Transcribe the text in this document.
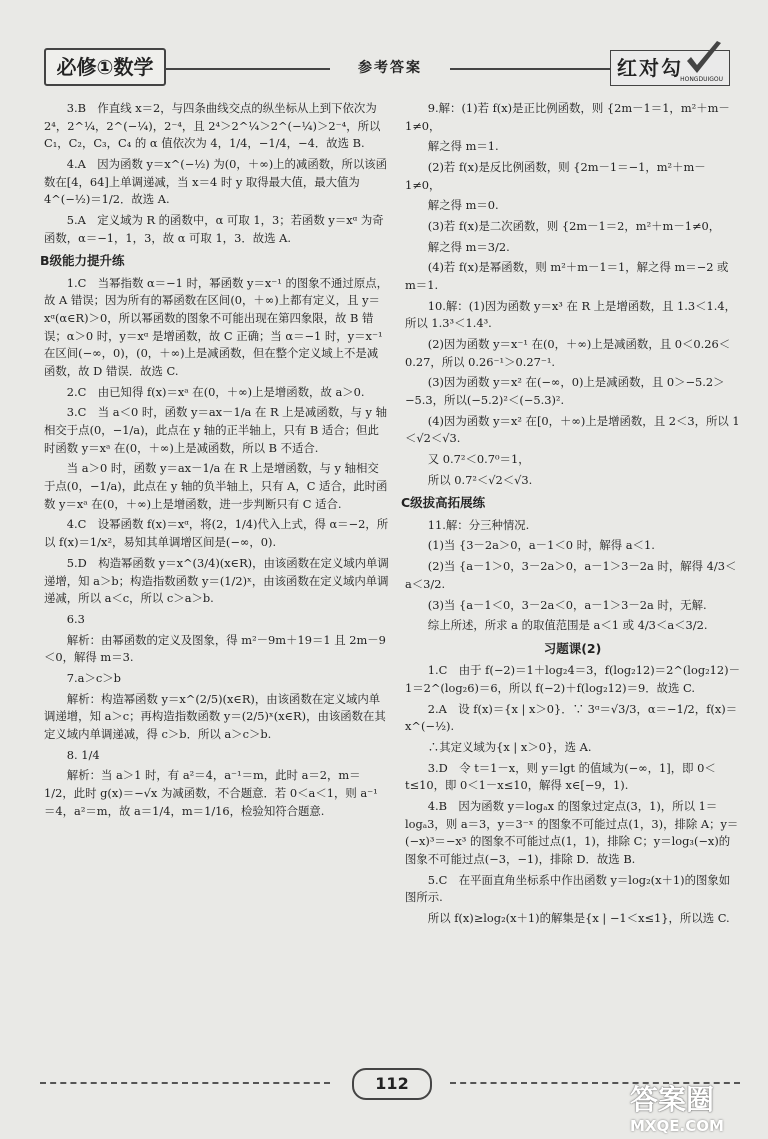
必修①数学	参考答案	红对勾
HONGDUIGOU
3.B　作直线 x＝2，与四条曲线交点的纵坐标从上到下依次为 2⁴，2^¼，2^(−¼)，2⁻⁴，且 2⁴＞2^¼＞2^(−¼)＞2⁻⁴，所以 C₁，C₂，C₃，C₄ 的 α 值依次为 4，1/4，−1/4，−4．故选 B.
4.A　因为函数 y＝x^(−½) 为(0，＋∞)上的减函数，所以该函数在[4，64]上单调递减，当 x＝4 时 y 取得最大值，最大值为 4^(−½)＝1/2．故选 A.
5.A　定义域为 R 的函数中，α 可取 1，3；若函数 y＝xᵅ 为奇函数，α＝−1，1，3，故 α 可取 1，3．故选 A.
B级能力提升练
1.C　当幂指数 α＝−1 时，幂函数 y＝x⁻¹ 的图象不通过原点，故 A 错误；因为所有的幂函数在区间(0，＋∞)上都有定义，且 y＝xᵅ(α∈R)＞0，所以幂函数的图象不可能出现在第四象限，故 B 错误；α＞0 时，y＝xᵅ 是增函数，故 C 正确；当 α＝−1 时，y＝x⁻¹ 在区间(−∞，0)，(0，＋∞)上是减函数，但在整个定义域上不是减函数，故 D 错误．故选 C.
2.C　由已知得 f(x)＝xᵃ 在(0，＋∞)上是增函数，故 a＞0.
3.C　当 a＜0 时，函数 y＝ax－1/a 在 R 上是减函数，与 y 轴相交于点(0，−1/a)，此点在 y 轴的正半轴上，只有 B 适合；但此时函数 y＝xᵃ 在(0，＋∞)上是减函数，所以 B 不适合.
当 a＞0 时，函数 y＝ax－1/a 在 R 上是增函数，与 y 轴相交于点(0，−1/a)，此点在 y 轴的负半轴上，只有 A，C 适合，此时函数 y＝xᵃ 在(0，＋∞)上是增函数，进一步判断只有 C 适合.
4.C　设幂函数 f(x)＝xᵅ，将(2，1/4)代入上式，得 α＝−2，所以 f(x)＝1/x²，易知其单调增区间是(−∞，0).
5.D　构造幂函数 y＝x^(3/4)(x∈R)，由该函数在定义域内单调递增，知 a＞b；构造指数函数 y＝(1/2)ˣ，由该函数在定义域内单调递减，所以 a＜c，所以 c＞a＞b.
6.3
解析：由幂函数的定义及图象，得 m²－9m＋19＝1 且 2m－9＜0，解得 m＝3.
7.a＞c＞b
解析：构造幂函数 y＝x^(2/5)(x∈R)，由该函数在定义域内单调递增，知 a＞c；再构造指数函数 y＝(2/5)ˣ(x∈R)，由该函数在其定义域内单调递减，得 c＞b．所以 a＞c＞b.
8. 1/4
解析：当 a＞1 时，有 a²＝4，a⁻¹＝m，此时 a＝2，m＝1/2，此时 g(x)＝−√x 为减函数，不合题意．若 0＜a＜1，则 a⁻¹＝4，a²＝m，故 a＝1/4，m＝1/16，检验知符合题意.
9.解：(1)若 f(x)是正比例函数，则 {2m－1＝1，m²＋m－1≠0，
解之得 m＝1.
(2)若 f(x)是反比例函数，则 {2m－1＝−1，m²＋m－1≠0，
解之得 m＝0.
(3)若 f(x)是二次函数，则 {2m－1＝2，m²＋m－1≠0，
解之得 m＝3/2.
(4)若 f(x)是幂函数，则 m²＋m－1＝1，解之得 m＝−2 或 m＝1.
10.解：(1)因为函数 y＝x³ 在 R 上是增函数，且 1.3＜1.4，所以 1.3³＜1.4³.
(2)因为函数 y＝x⁻¹ 在(0，＋∞)上是减函数，且 0＜0.26＜0.27，所以 0.26⁻¹＞0.27⁻¹.
(3)因为函数 y＝x² 在(−∞，0)上是减函数，且 0＞−5.2＞−5.3，所以(−5.2)²＜(−5.3)².
(4)因为函数 y＝x² 在[0，＋∞)上是增函数，且 2＜3，所以 1＜√2＜√3.
又 0.7²＜0.7⁰＝1，
所以 0.7²＜√2＜√3.
C级拔高拓展练
11.解：分三种情况.
(1)当 {3－2a＞0，a－1＜0 时，解得 a＜1.
(2)当 {a－1＞0，3－2a＞0，a－1＞3－2a 时，解得 4/3＜a＜3/2.
(3)当 {a－1＜0，3－2a＜0，a－1＞3－2a 时，无解.
综上所述，所求 a 的取值范围是 a＜1 或 4/3＜a＜3/2.
习题课(2)
1.C　由于 f(−2)＝1＋log₂4＝3，f(log₂12)＝2^(log₂12)－1＝2^(log₂6)＝6，所以 f(−2)＋f(log₂12)＝9．故选 C.
2.A　设 f(x)＝{x | x＞0}．∵ 3ᵅ＝√3/3，α＝−1/2，f(x)＝x^(−½).
∴其定义域为{x | x＞0}，选 A.
3.D　令 t＝1－x，则 y＝lgt 的值域为(−∞，1]，即 0＜t≤10，即 0＜1－x≤10，解得 x∈[−9，1).
4.B　因为函数 y＝logₐx 的图象过定点(3，1)，所以 1＝logₐ3，则 a＝3，y＝3⁻ˣ 的图象不可能过点(1，3)，排除 A；y＝(−x)³＝−x³ 的图象不可能过点(1，1)，排除 C；y＝log₃(−x)的图象不可能过点(−3，−1)，排除 D．故选 B.
5.C　在平面直角坐标系中作出函数 y＝log₂(x＋1)的图象如图所示.
所以 f(x)≥log₂(x＋1)的解集是{x | −1＜x≤1}，所以选 C.
112	答案圈
MXQE.COM
